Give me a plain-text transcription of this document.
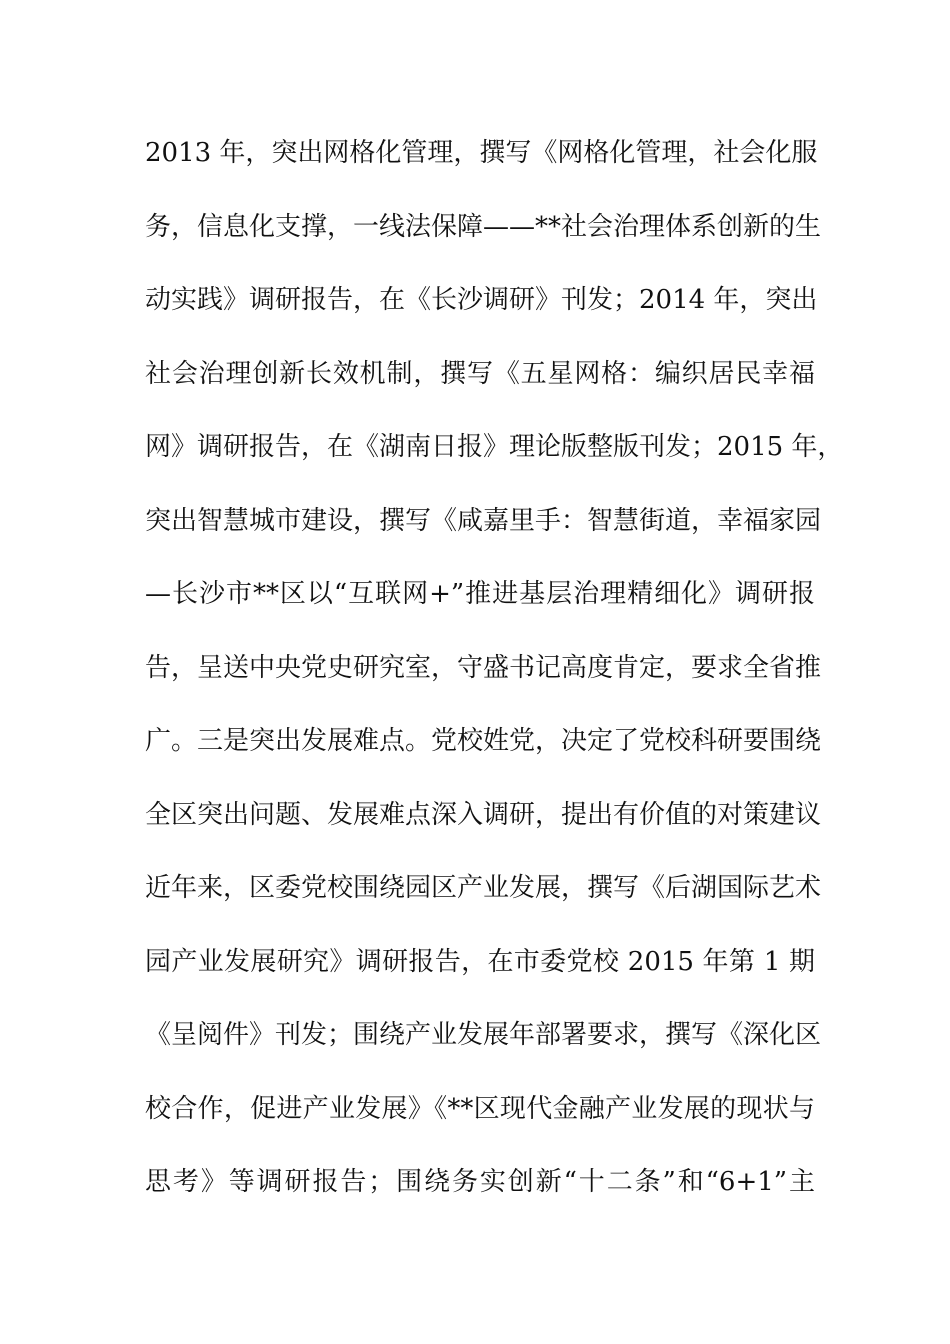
2013 年，突出网格化管理，撰写《网格化管理，社会化服
务，信息化支撑，一线法保障——**社会治理体系创新的生
动实践》调研报告，在《长沙调研》刊发；2014 年，突出
社会治理创新长效机制，撰写《五星网格：编织居民幸福
网》调研报告，在《湖南日报》理论版整版刊发；2015 年，
突出智慧城市建设，撰写《咸嘉里手：智慧街道，幸福家园
—长沙市**区以“互联网+”推进基层治理精细化》调研报
告，呈送中央党史研究室，守盛书记高度肯定，要求全省推
广。三是突出发展难点。党校姓党，决定了党校科研要围绕
全区突出问题、发展难点深入调研，提出有价值的对策建议
近年来，区委党校围绕园区产业发展，撰写《后湖国际艺术
园产业发展研究》调研报告，在市委党校 2015 年第 1 期
《呈阅件》刊发；围绕产业发展年部署要求，撰写《深化区
校合作，促进产业发展》《**区现代金融产业发展的现状与
思考》等调研报告；围绕务实创新“十二条”和“6+1”主
